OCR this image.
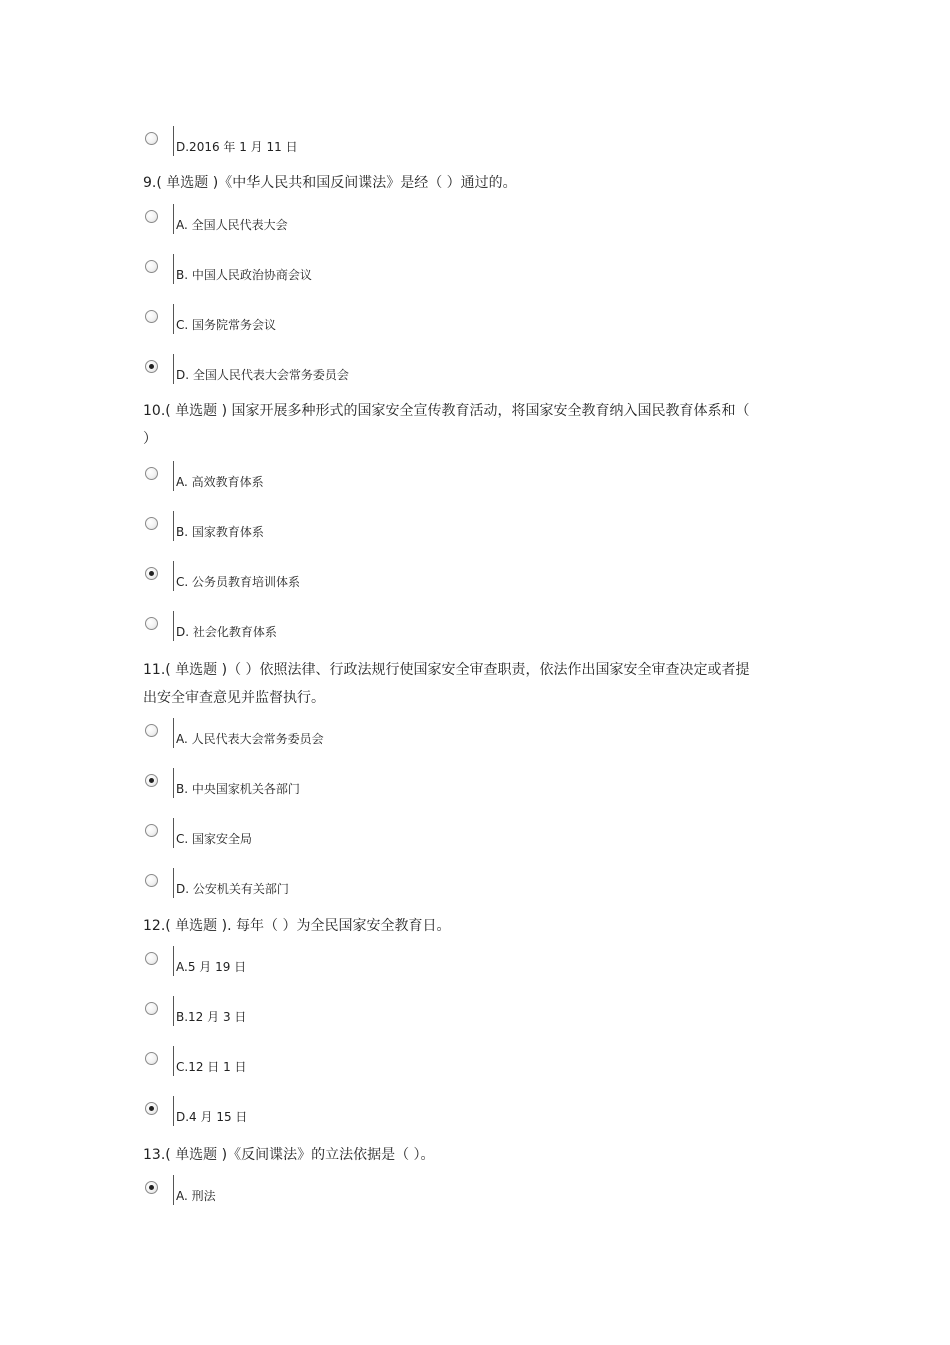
D.2016 年 1 月 11 日
9.( 单选题 )《中华人民共和国反间谍法》是经（ ）通过的。
A. 全国人民代表大会
B. 中国人民政治协商会议
C. 国务院常务会议
D. 全国人民代表大会常务委员会
10.( 单选题 ) 国家开展多种形式的国家安全宣传教育活动，将国家安全教育纳入国民教育体系和（ ）
A. 高效教育体系
B. 国家教育体系
C. 公务员教育培训体系
D. 社会化教育体系
11.( 单选题 )（ ）依照法律、行政法规行使国家安全审查职责，依法作出国家安全审查决定或者提出安全审查意见并监督执行。
A. 人民代表大会常务委员会
B. 中央国家机关各部门
C. 国家安全局
D. 公安机关有关部门
12.( 单选题 ). 每年（ ）为全民国家安全教育日。
A.5 月 19 日
B.12 月 3 日
C.12 日 1 日
D.4 月 15 日
13.( 单选题 )《反间谍法》的立法依据是（ ）。
A. 刑法
